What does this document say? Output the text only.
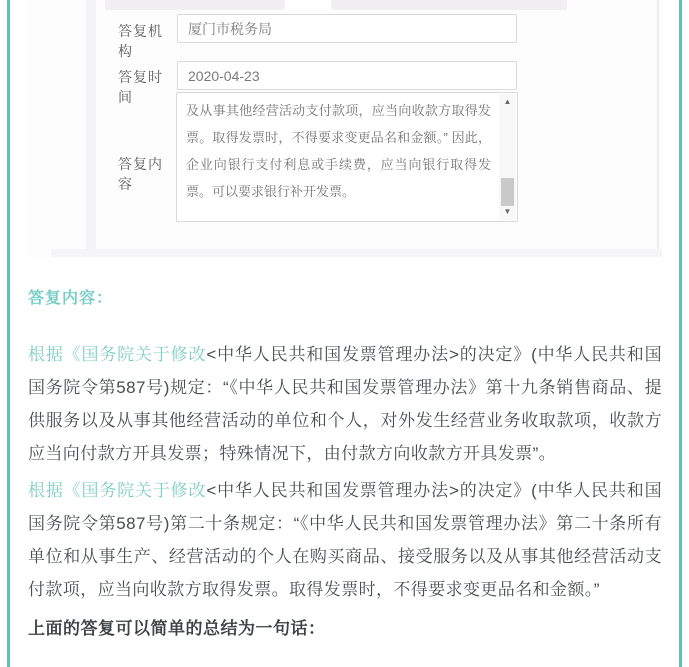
答复机构
厦门市税务局
答复时间
2020-04-23
答复内容
及从事其他经营活动支付款项，应当向收款方取得发票。取得发票时，不得要求变更品名和金额。” 因此，企业向银行支付利息或手续费，应当向银行取得发票。可以要求银行补开发票。
▲
▼
答复内容：
根据《国务院关于修改<中华人民共和国发票管理办法>的决定》(中华人民共和国国务院令第587号)规定：“《中华人民共和国发票管理办法》第十九条销售商品、提供服务以及从事其他经营活动的单位和个人，对外发生经营业务收取款项，收款方应当向付款方开具发票；特殊情况下，由付款方向收款方开具发票”。
根据《国务院关于修改<中华人民共和国发票管理办法>的决定》(中华人民共和国国务院令第587号)第二十条规定：“《中华人民共和国发票管理办法》第二十条所有单位和从事生产、经营活动的个人在购买商品、接受服务以及从事其他经营活动支付款项，应当向收款方取得发票。取得发票时，不得要求变更品名和金额。”
上面的答复可以简单的总结为一句话：
